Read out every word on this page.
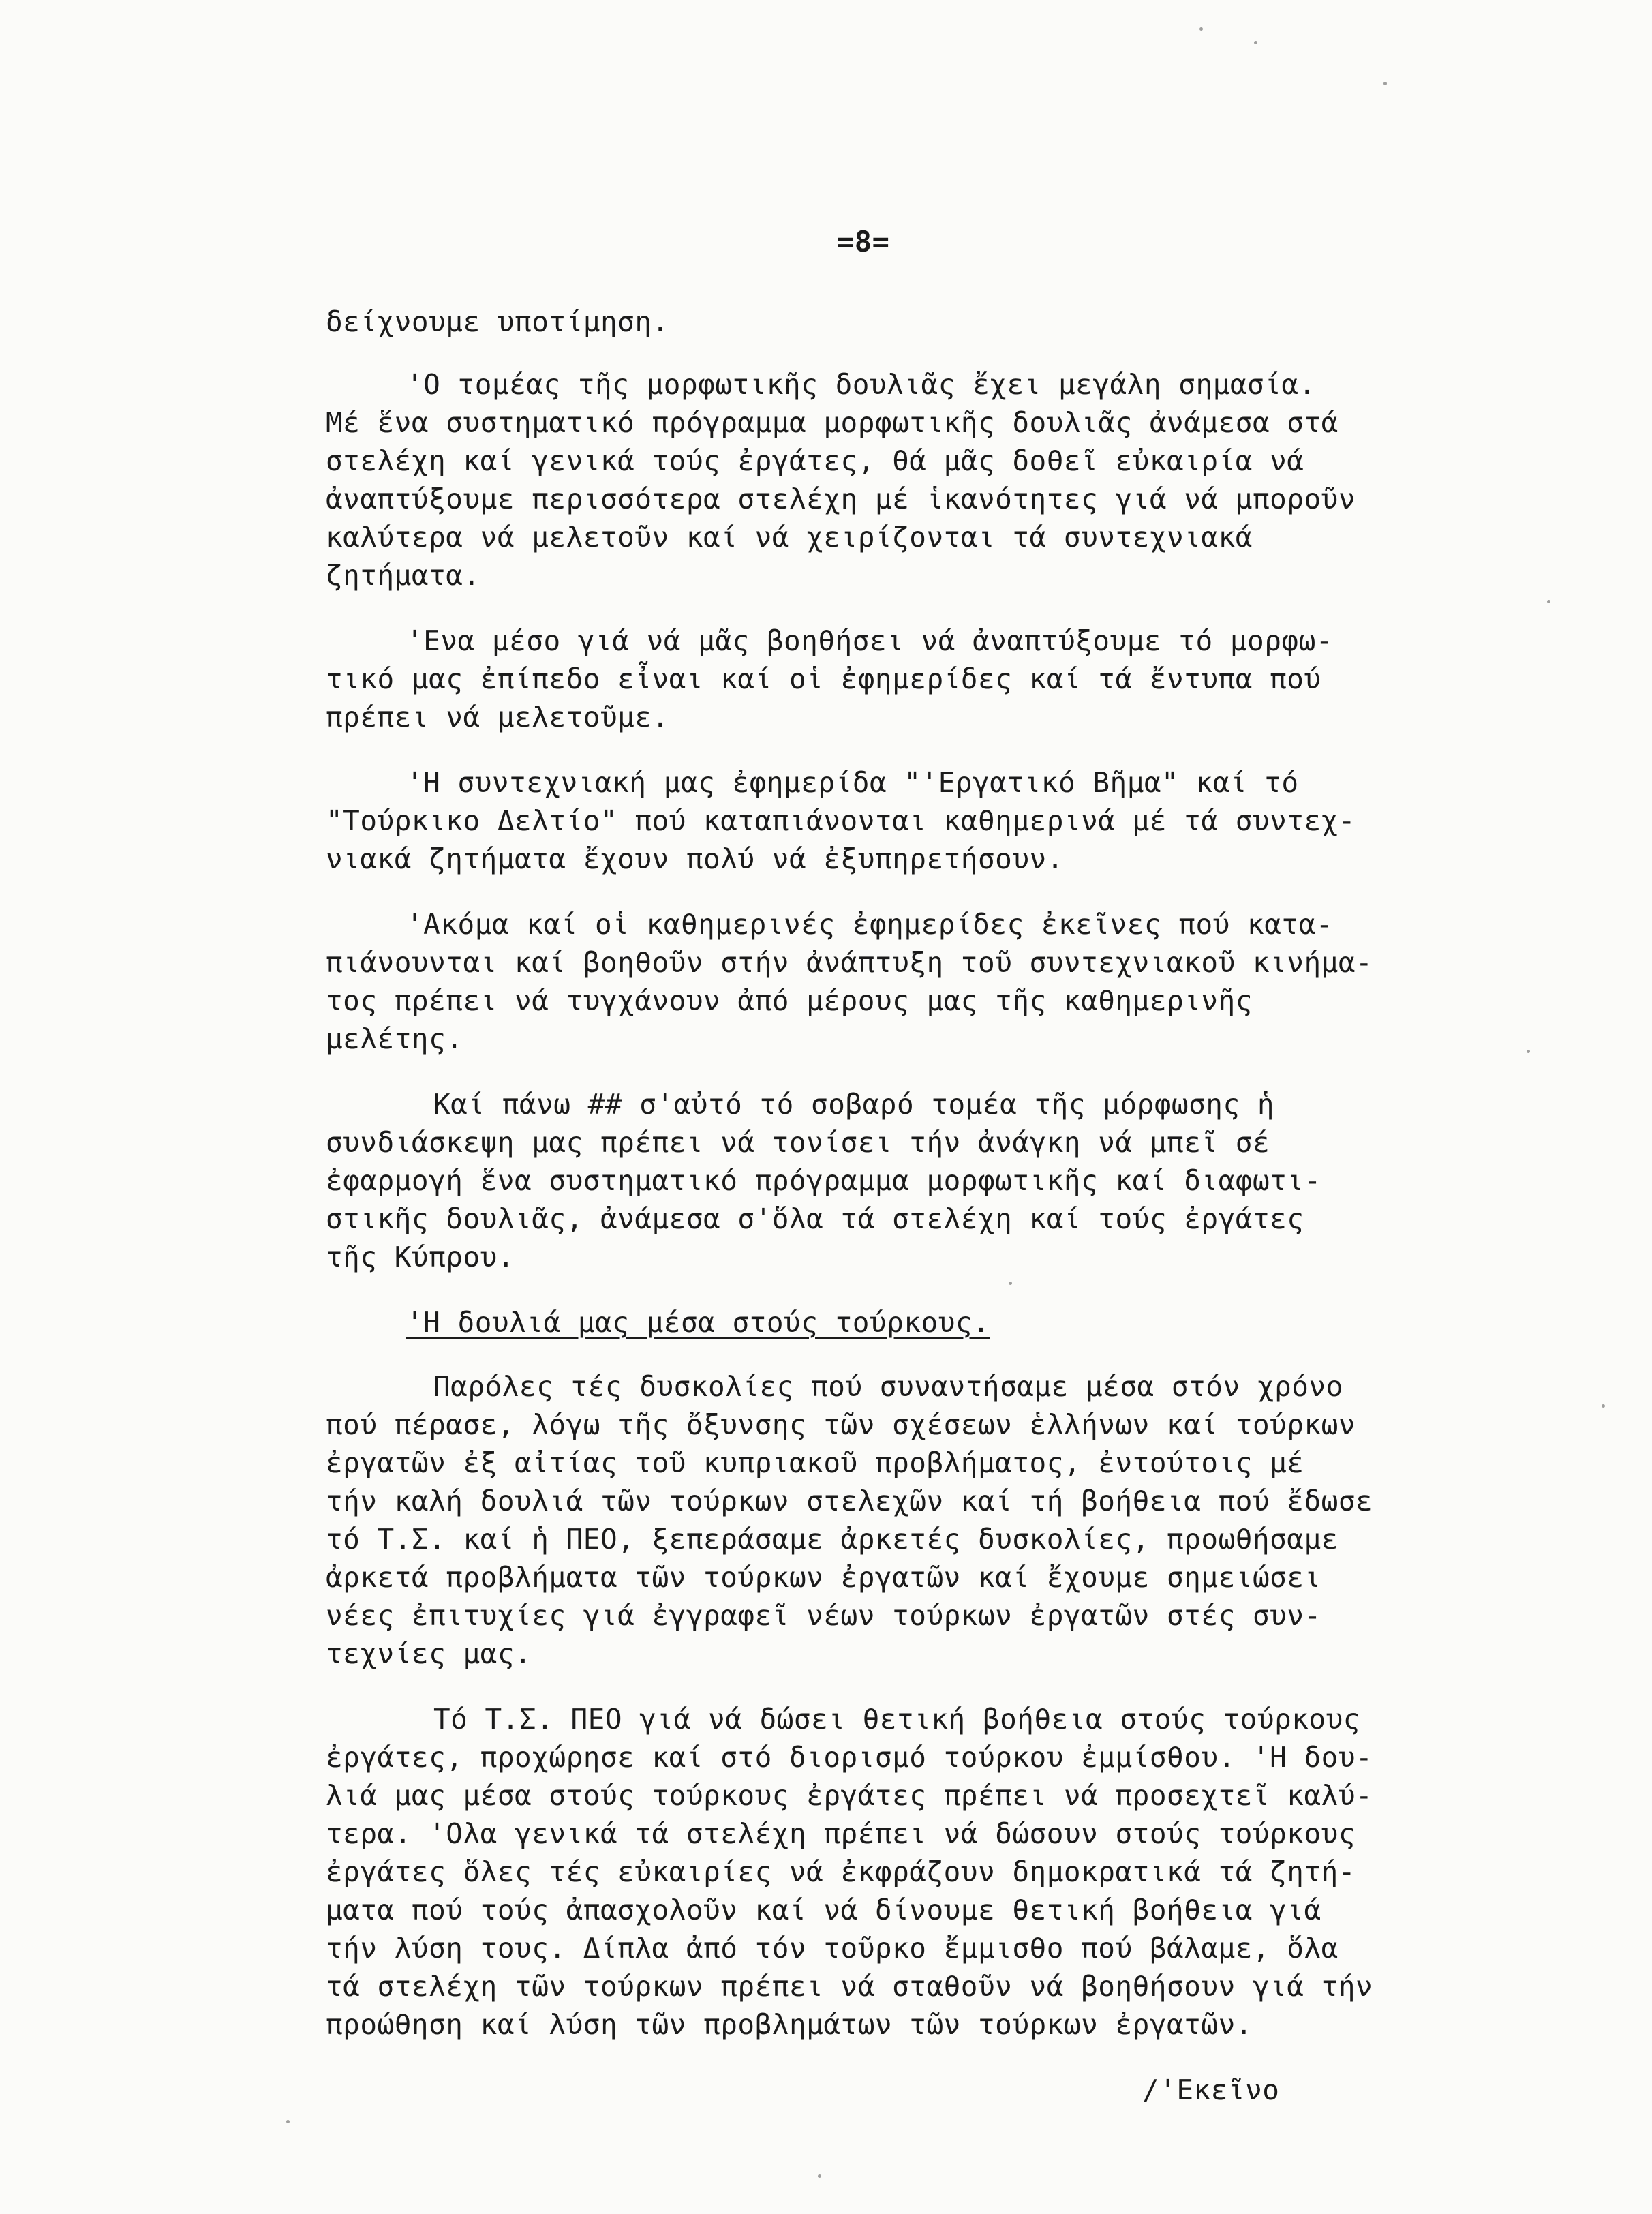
=8=
δείχνουμε υποτίμηση.
'Ο τομέας τῆς μορφωτικῆς δουλιᾶς ἔχει μεγάλη σημασία.
Μέ ἕνα συστηματικό πρόγραμμα μορφωτικῆς δουλιᾶς ἀνάμεσα στά
στελέχη καί γενικά τούς ἐργάτες, θά μᾶς δοθεῖ εὐκαιρία νά
ἀναπτύξουμε περισσότερα στελέχη μέ ἱκανότητες γιά νά μποροῦν
καλύτερα νά μελετοῦν καί νά χειρίζονται τά συντεχνιακά
ζητήματα.
'Ενα μέσο γιά νά μᾶς βοηθήσει νά ἀναπτύξουμε τό μορφω-
τικό μας ἐπίπεδο εἶναι καί οἱ ἐφημερίδες καί τά ἔντυπα πού
πρέπει νά μελετοῦμε.
'Η συντεχνιακή μας ἐφημερίδα "'Εργατικό Βῆμα" καί τό
"Τούρκικο Δελτίο" πού καταπιάνονται καθημερινά μέ τά συντεχ-
νιακά ζητήματα ἔχουν πολύ νά ἐξυπηρετήσουν.
'Ακόμα καί οἱ καθημερινές ἐφημερίδες ἐκεῖνες πού κατα-
πιάνουνται καί βοηθοῦν στήν ἀνάπτυξη τοῦ συντεχνιακοῦ κινήμα-
τος πρέπει νά τυγχάνουν ἀπό μέρους μας τῆς καθημερινῆς
μελέτης.
Καί πάνω ## σ'αὐτό τό σοβαρό τομέα τῆς μόρφωσης ἡ
συνδιάσκεψη μας πρέπει νά τονίσει τήν ἀνάγκη νά μπεῖ σέ
ἐφαρμογή ἕνα συστηματικό πρόγραμμα μορφωτικῆς καί διαφωτι-
στικῆς δουλιᾶς, ἀνάμεσα σ'ὅλα τά στελέχη καί τούς ἐργάτες
τῆς Κύπρου.
'Η δουλιά μας μέσα στούς τούρκους.
Παρόλες τές δυσκολίες πού συναντήσαμε μέσα στόν χρόνο
πού πέρασε, λόγω τῆς ὄξυνσης τῶν σχέσεων ἑλλήνων καί τούρκων
ἐργατῶν ἐξ αἰτίας τοῦ κυπριακοῦ προβλήματος, ἐντούτοις μέ
τήν καλή δουλιά τῶν τούρκων στελεχῶν καί τή βοήθεια πού ἔδωσε
τό Τ.Σ. καί ἡ ΠΕΟ, ξεπεράσαμε ἀρκετές δυσκολίες, προωθήσαμε
ἀρκετά προβλήματα τῶν τούρκων ἐργατῶν καί ἔχουμε σημειώσει
νέες ἐπιτυχίες γιά ἐγγραφεῖ νέων τούρκων ἐργατῶν στές συν-
τεχνίες μας.
Τό Τ.Σ. ΠΕΟ γιά νά δώσει θετική βοήθεια στούς τούρκους
ἐργάτες, προχώρησε καί στό διορισμό τούρκου ἐμμίσθου. 'Η δου-
λιά μας μέσα στούς τούρκους ἐργάτες πρέπει νά προσεχτεῖ καλύ-
τερα. 'Ολα γενικά τά στελέχη πρέπει νά δώσουν στούς τούρκους
ἐργάτες ὅλες τές εὐκαιρίες νά ἐκφράζουν δημοκρατικά τά ζητή-
ματα πού τούς ἀπασχολοῦν καί νά δίνουμε θετική βοήθεια γιά
τήν λύση τους. Δίπλα ἀπό τόν τοῦρκο ἔμμισθο πού βάλαμε, ὅλα
τά στελέχη τῶν τούρκων πρέπει νά σταθοῦν νά βοηθήσουν γιά τήν
προώθηση καί λύση τῶν προβλημάτων τῶν τούρκων ἐργατῶν.
/'Εκεῖνο
